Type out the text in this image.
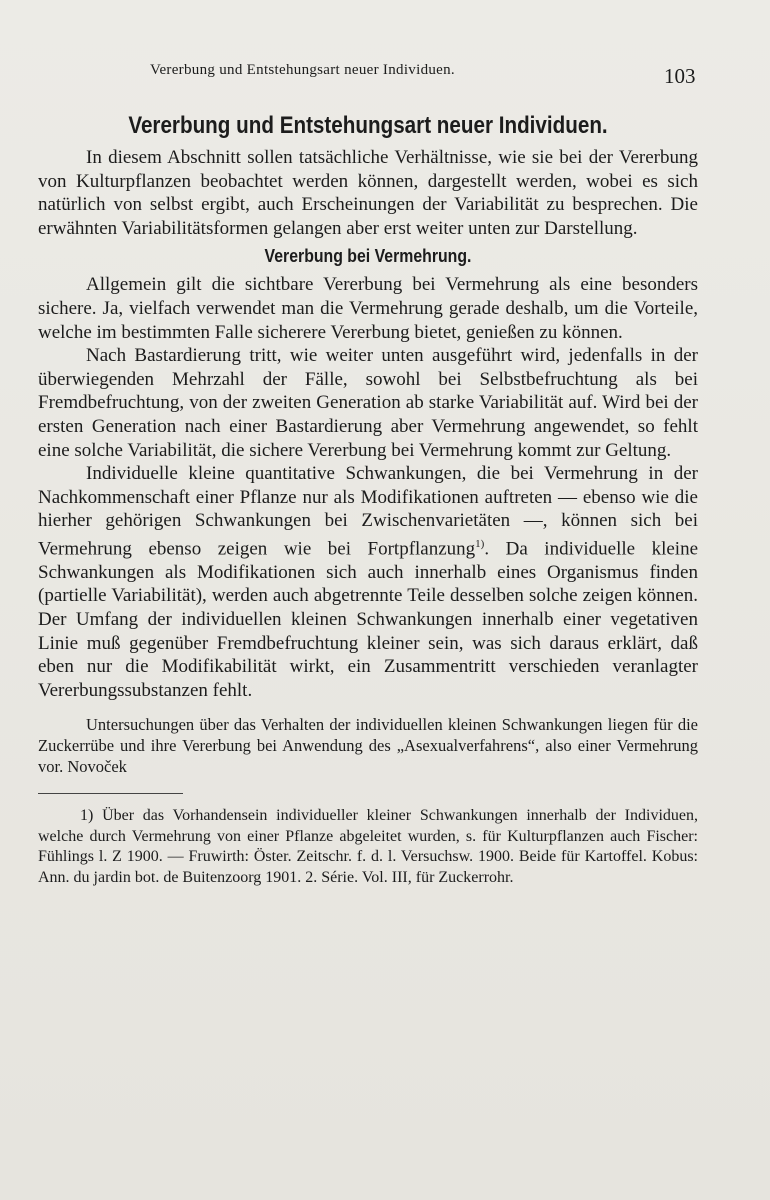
Vererbung und Entstehungsart neuer Individuen.	103
Vererbung und Entstehungsart neuer Individuen.

In diesem Abschnitt sollen tatsächliche Verhältnisse, wie sie bei der Vererbung von Kulturpflanzen beobachtet werden können, dargestellt werden, wobei es sich natürlich von selbst ergibt, auch Erscheinungen der Variabilität zu besprechen. Die erwähnten Variabilitätsformen gelangen aber erst weiter unten zur Darstellung.

Vererbung bei Vermehrung.

Allgemein gilt die sichtbare Vererbung bei Vermehrung als eine besonders sichere. Ja, vielfach verwendet man die Vermehrung gerade deshalb, um die Vorteile, welche im bestimmten Falle sicherere Vererbung bietet, genießen zu können.

Nach Bastardierung tritt, wie weiter unten ausgeführt wird, jedenfalls in der überwiegenden Mehrzahl der Fälle, sowohl bei Selbstbefruchtung als bei Fremdbefruchtung, von der zweiten Generation ab starke Variabilität auf. Wird bei der ersten Generation nach einer Bastardierung aber Vermehrung angewendet, so fehlt eine solche Variabilität, die sichere Vererbung bei Vermehrung kommt zur Geltung.

Individuelle kleine quantitative Schwankungen, die bei Vermehrung in der Nachkommenschaft einer Pflanze nur als Modifikationen auftreten — ebenso wie die hierher gehörigen Schwankungen bei Zwischenvarietäten —, können sich bei Vermehrung ebenso zeigen wie bei Fortpflanzung$^{1)}$. Da individuelle kleine Schwankungen als Modifikationen sich auch innerhalb eines Organismus finden (partielle Variabilität), werden auch abgetrennte Teile desselben solche zeigen können. Der Umfang der individuellen kleinen Schwankungen innerhalb einer vegetativen Linie muß gegenüber Fremdbefruchtung kleiner sein, was sich daraus erklärt, daß eben nur die Modifikabilität wirkt, ein Zusammentritt verschieden veranlagter Vererbungssubstanzen fehlt.

Untersuchungen über das Verhalten der individuellen kleinen Schwankungen liegen für die Zuckerrübe und ihre Vererbung bei Anwendung des „Asexualverfahrens“, also einer Vermehrung vor. Novoček

1) Über das Vorhandensein individueller kleiner Schwankungen innerhalb der Individuen, welche durch Vermehrung von einer Pflanze abgeleitet wurden, s. für Kulturpflanzen auch Fischer: Fühlings l. Z 1900. — Fruwirth: Öster. Zeitschr. f. d. l. Versuchsw. 1900. Beide für Kartoffel. Kobus: Ann. du jardin bot. de Buitenzoorg 1901. 2. Série. Vol. III, für Zuckerrohr.
